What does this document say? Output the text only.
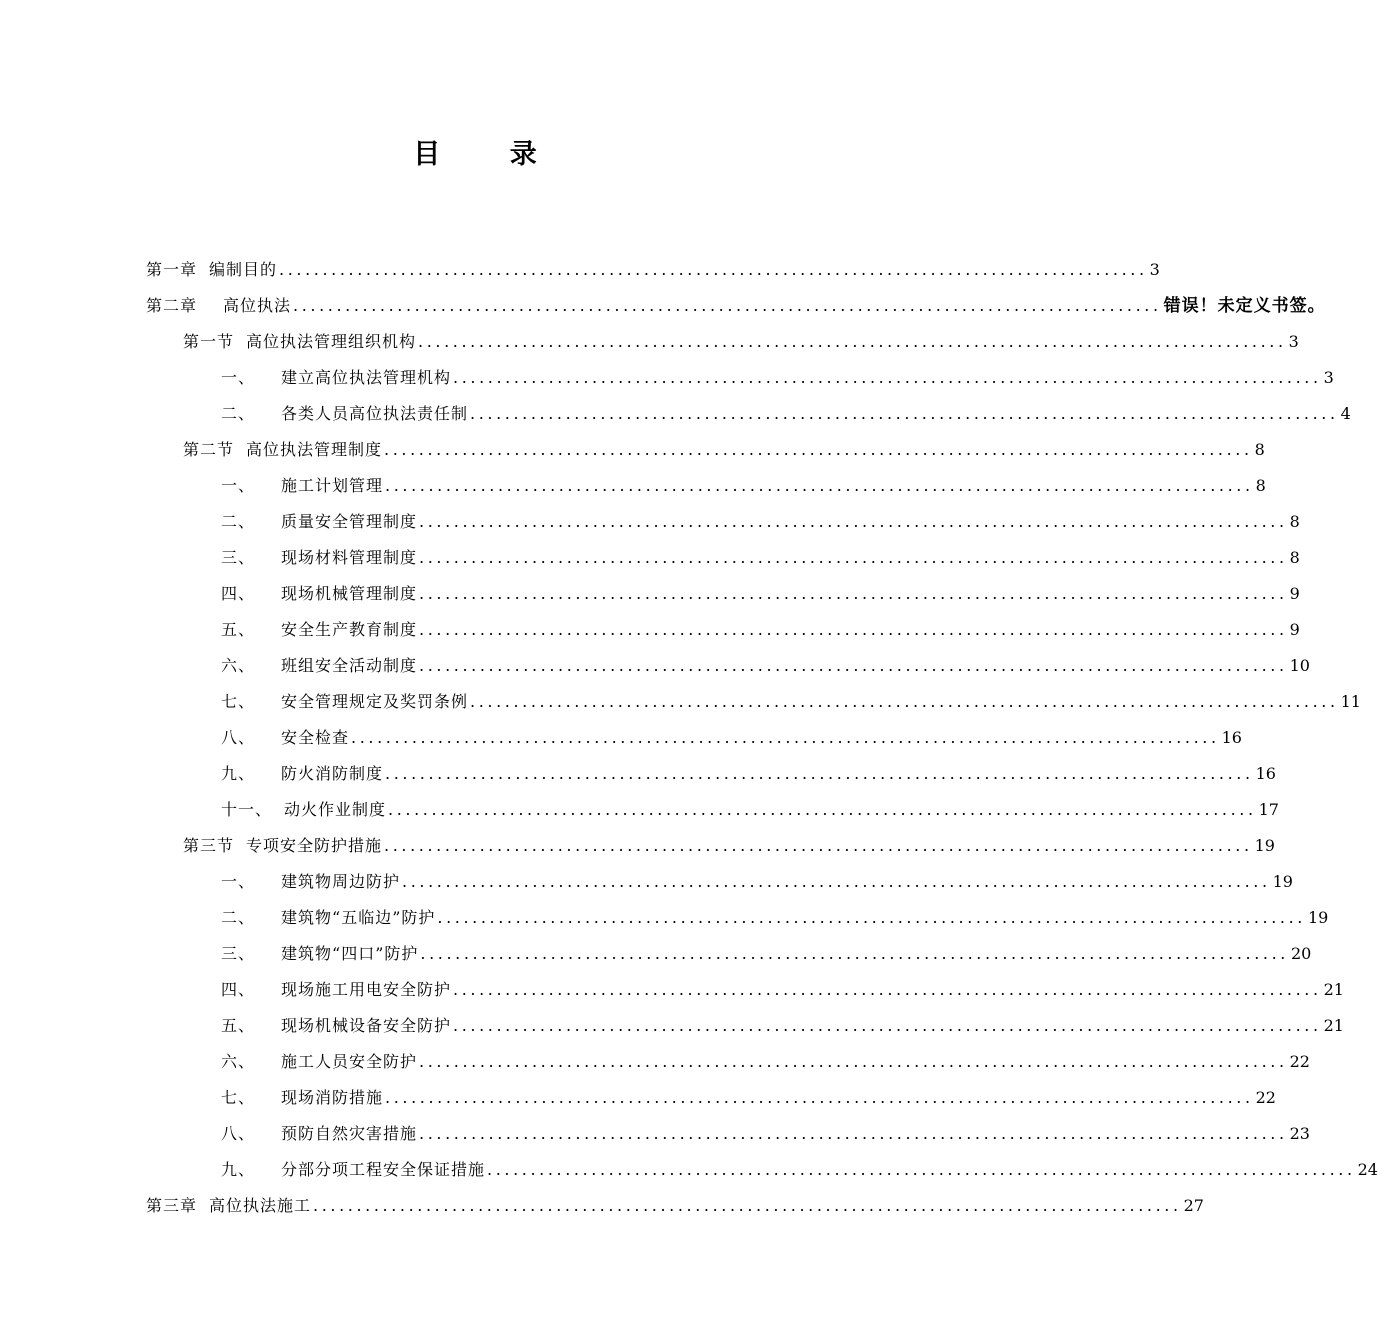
目 录
第一章 编制目的 .................................................................................................... 3
第二章 高位执法 .................................................................................................... 错误！未定义书签。
第一节 高位执法管理组织机构 .................................................................................................... 3
一、 建立高位执法管理机构 .................................................................................................... 3
二、 各类人员高位执法责任制 .................................................................................................... 4
第二节 高位执法管理制度 .................................................................................................... 8
一、 施工计划管理 .................................................................................................... 8
二、 质量安全管理制度 .................................................................................................... 8
三、 现场材料管理制度 .................................................................................................... 8
四、 现场机械管理制度 .................................................................................................... 9
五、 安全生产教育制度 .................................................................................................... 9
六、 班组安全活动制度 .................................................................................................... 10
七、 安全管理规定及奖罚条例 .................................................................................................... 11
八、 安全检查 .................................................................................................... 16
九、 防火消防制度 .................................................................................................... 16
十一、 动火作业制度 .................................................................................................... 17
第三节 专项安全防护措施 .................................................................................................... 19
一、 建筑物周边防护 .................................................................................................... 19
二、 建筑物“五临边”防护 .................................................................................................... 19
三、 建筑物“四口”防护 .................................................................................................... 20
四、 现场施工用电安全防护 .................................................................................................... 21
五、 现场机械设备安全防护 .................................................................................................... 21
六、 施工人员安全防护 .................................................................................................... 22
七、 现场消防措施 .................................................................................................... 22
八、 预防自然灾害措施 .................................................................................................... 23
九、 分部分项工程安全保证措施 .................................................................................................... 24
第三章 高位执法施工 .................................................................................................... 27
